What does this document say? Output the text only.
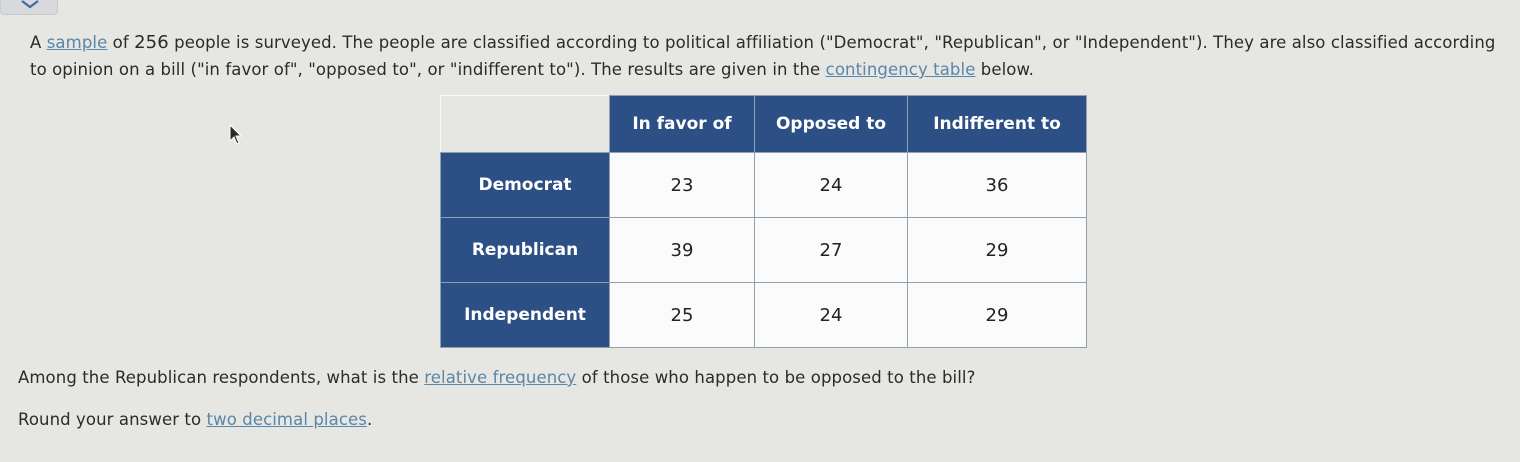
A sample of 256 people is surveyed. The people are classified according to political affiliation ("Democrat", "Republican", or "Independent"). They are also classified according to opinion on a bill ("in favor of", "opposed to", or "indifferent to"). The results are given in the contingency table below.
	In favor of	Opposed to	Indifferent to
Democrat	23	24	36
Republican	39	27	29
Independent	25	24	29
Among the Republican respondents, what is the relative frequency of those who happen to be opposed to the bill?
Round your answer to two decimal places.
